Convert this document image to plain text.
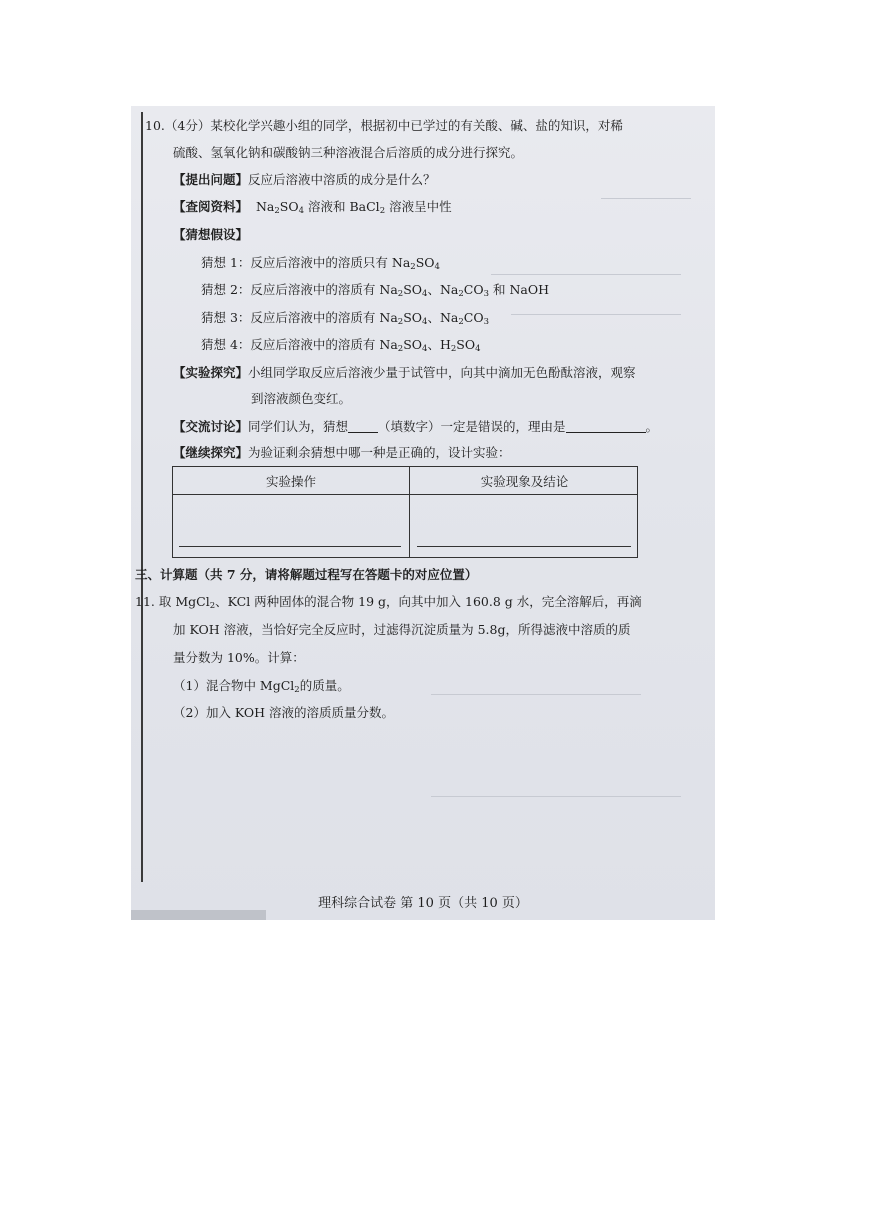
10.（4分）某校化学兴趣小组的同学，根据初中已学过的有关酸、碱、盐的知识，对稀
硫酸、氢氧化钠和碳酸钠三种溶液混合后溶质的成分进行探究。
【提出问题】反应后溶液中溶质的成分是什么？
【查阅资料】 $Na_2SO_4$ 溶液和 BaCl$_2$ 溶液呈中性
【猜想假设】
猜想 1：反应后溶液中的溶质只有 $Na_2SO_4$
猜想 2：反应后溶液中的溶质有 $Na_2SO_4$、$Na_2CO_3$ 和 NaOH
猜想 3：反应后溶液中的溶质有 $Na_2SO_4$、$Na_2CO_3$
猜想 4：反应后溶液中的溶质有 $Na_2SO_4$、$H_2SO_4$
【实验探究】小组同学取反应后溶液少量于试管中，向其中滴加无色酚酞溶液，观察
到溶液颜色变红。
【交流讨论】同学们认为，猜想 （填数字）一定是错误的，理由是	。
【继续探究】为验证剩余猜想中哪一种是正确的，设计实验：
实验操作	实验现象及结论
三、计算题（共 7 分，请将解题过程写在答题卡的对应位置）
11. 取 MgCl$_2$、KCl 两种固体的混合物 19 g，向其中加入 160.8 g 水，完全溶解后，再滴
加 KOH 溶液，当恰好完全反应时，过滤得沉淀质量为 5.8g，所得滤液中溶质的质
量分数为 10%。计算：
（1）混合物中 MgCl$_2$的质量。
（2）加入 KOH 溶液的溶质质量分数。
理科综合试卷 第 10 页（共 10 页）
